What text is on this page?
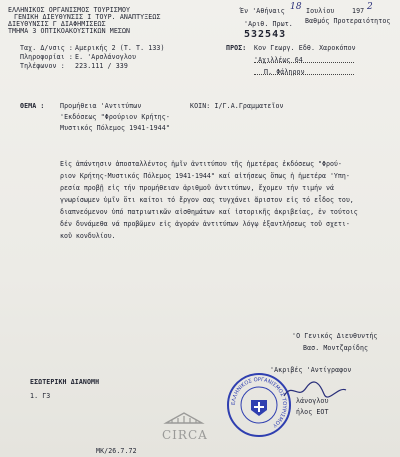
ΕΛΛΗΝΙΚΟΣ ΟΡΓΑΝΙΣΜΟΣ ΤΟΥΡΙΣΜΟΥ
ΓΕΝΙΚΗ ΔΙΕΥΘΥΝΣΙΣ Ι ΤΟΥΡ. ΑΝΑΠΤΥΞΕΩΣ
ΔΙΕΥΘΥΝΣΙΣ Γ ΔΙΑΦΗΜΙΣΕΩΣ
ΤΜΗΜΑ 3 ΟΠΤΙΚΟΑΚΟΥΣΤΙΚΩΝ ΜΕΣΩΝ
Ταχ. Δ/νσις : Αμερικής 2 (Τ. Τ. 133)
Πληροφορίαι : Ε. 'Αρσλάνογλου
Τηλέφωνον : 223.111 / 339
Έν 'Αθήναις 18 Ιουλίου	197 2
'Αριθ. Πρωτ. Βαθμός Προτεραιότητος
532543
ΠΡΟΣ: Κον Γεωργ. Εδθ. Χαροκόπον
'Αχιλλέως 64
Π. Φάληρον
ΘΕΜΑ : Προμήθεια 'Αντιτύπων
'Εκδόσεως "Φρούριον Κρήτης-
Μυστικός Πόλεμος 1941-1944"
ΚΟΙΝ: Ι/Γ.Α.Γραμματεῖον
Εἰς ἀπάντησιν ἀποσταλλέντος ἡμῖν ἀντιτύπου τῆς ἡμετέρας ἐκδόσεως "Φρού-
ριον Κρήτης-Μυστικός Πόλεμος 1941-1944" καί αἰτήσεως ὅπως ἡ ἡμετέρα 'Υπη-
ρεσία προβῇ εἰς τήν προμήθειαν ἀριθμοῦ ἀντιτύπων, ἔχομεν τήν τιμήν νά
γνωρίσωμεν ὑμῖν ὅτι καίτοι τό ἔργον σας τυγχάνει ἄριστον εἰς τό εἶδος του,
διαπνεόμενον ὑπό πατριωτικῶν αἰσθημάτων καί ἱστορικῆς ἀκριβείας, ἐν τούτοις
δέν δυνάμεθα νά προβῶμεν εἰς ἀγοράν ἀντιτύπων λόγῳ ἐξαντλήσεως τοῦ σχετι-
κοῦ κονδυλίου.
'Ο Γενικός Διευθυντής
Βασ. Μοντζαρίδης
'Ακριβές 'Αντίγραφον
λάνογλου
ήλος ΕΟΤ
ΕΛΛΗΝΙΚΟΣ ΟΡΓΑΝΙΣΜΟΣ ΤΟΥΡΙΣΜΟΥ
ΕΣΩΤΕΡΙΚΗ ΔΙΑΝΟΜΗ
1. Γ3
ΜΚ/26.7.72
CIRCA
